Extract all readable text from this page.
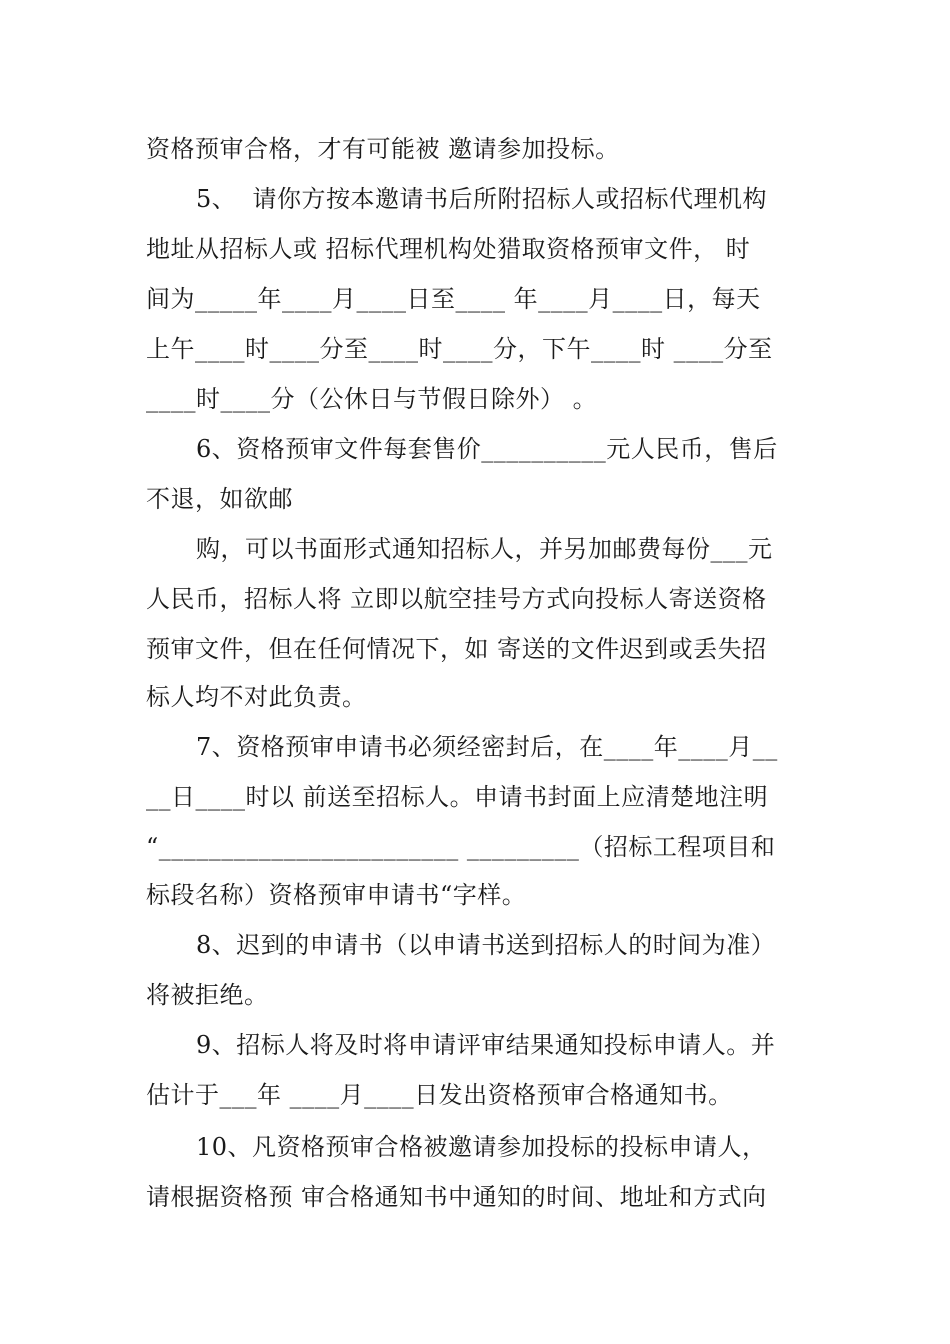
资格预审合格，才有可能被 邀请参加投标。
5、  请你方按本邀请书后所附招标人或招标代理机构
地址从招标人或 招标代理机构处猎取资格预审文件， 时
间为_____年____月____日至____ 年____月____日，每天
上午____时____分至____时____分，下午____时 ____分至
____时____分（公休日与节假日除外） 。
6、资格预审文件每套售价__________元人民币，售后
不退，如欲邮
购，可以书面形式通知招标人，并另加邮费每份___元
人民币，招标人将 立即以航空挂号方式向投标人寄送资格
预审文件，但在任何情况下，如 寄送的文件迟到或丢失招
标人均不对此负责。
7、资格预审申请书必须经密封后，在____年____月__
__日____时以 前送至招标人。申请书封面上应清楚地注明
“________________________ _________（招标工程项目和
标段名称）资格预审申请书“字样。
8、迟到的申请书（以申请书送到招标人的时间为准）
将被拒绝。
9、招标人将及时将申请评审结果通知投标申请人。并
估计于___年 ____月____日发出资格预审合格通知书。
10、凡资格预审合格被邀请参加投标的投标申请人，
请根据资格预 审合格通知书中通知的时间、地址和方式向
